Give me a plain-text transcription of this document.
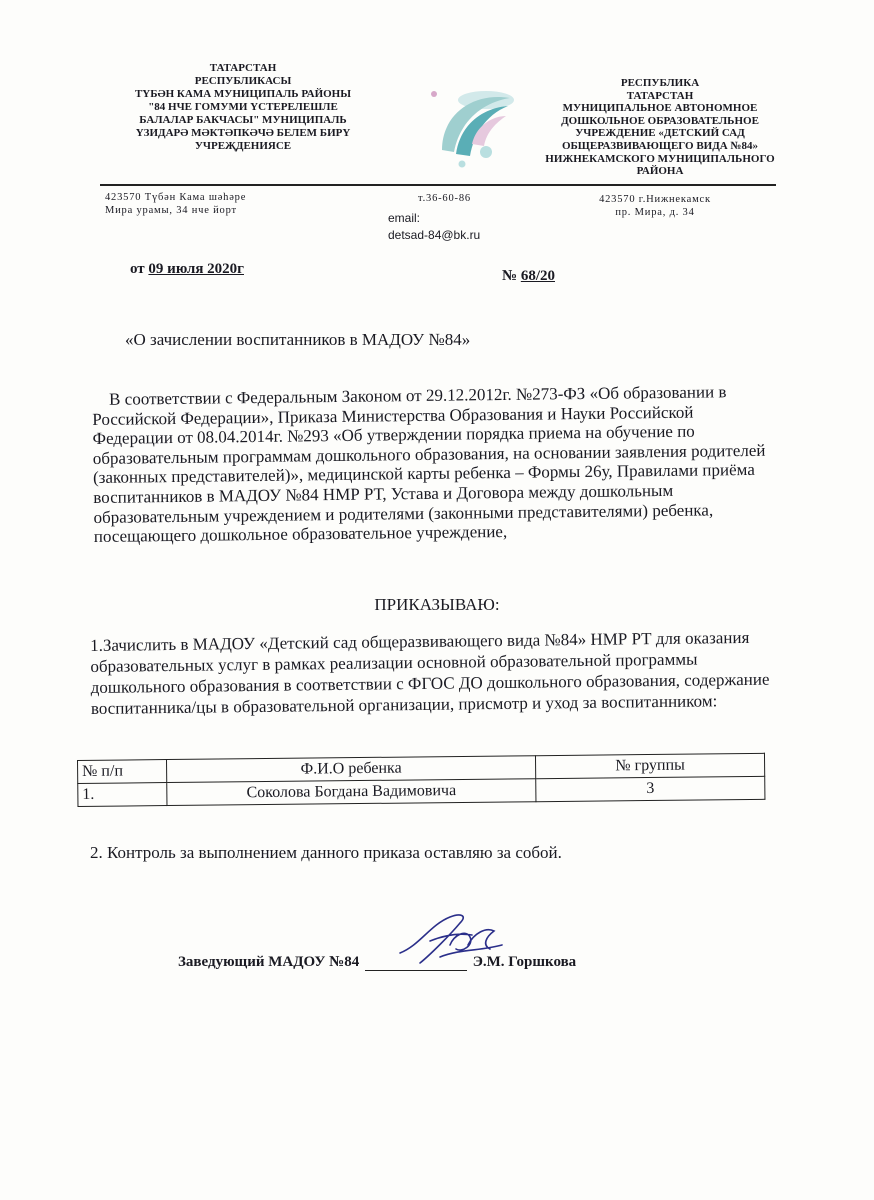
ТАТАРСТАН
РЕСПУБЛИКАСЫ
ТҮБӘН КАМА МУНИЦИПАЛЬ РАЙОНЫ
"84 НЧЕ ГОМУМИ ҮСТЕРЕЛЕШЛЕ
БАЛАЛАР БАКЧАСЫ" МУНИЦИПАЛЬ
ҮЗИДАРӘ МӘКТӘПКӘЧӘ БЕЛЕМ БИРҮ
УЧРЕҖДЕНИЯСЕ
РЕСПУБЛИКА
ТАТАРСТАН
МУНИЦИПАЛЬНОЕ АВТОНОМНОЕ
ДОШКОЛЬНОЕ ОБРАЗОВАТЕЛЬНОЕ
УЧРЕЖДЕНИЕ «ДЕТСКИЙ САД
ОБЩЕРАЗВИВАЮЩЕГО ВИДА №84»
НИЖНЕКАМСКОГО МУНИЦИПАЛЬНОГО
РАЙОНА
423570 Түбән Кама шәһәре
Мира урамы, 34 нче йорт
т.36-60-86
email:
detsad-84@bk.ru
423570 г.Нижнекамск
пр. Мира, д. 34
от 09 июля 2020г	№ 68/20
«О зачислении воспитанников в МАДОУ №84»
В соответствии с Федеральным Законом от 29.12.2012г. №273-ФЗ «Об образовании в Российской Федерации», Приказа Министерства Образования и Науки Российской Федерации от 08.04.2014г. №293 «Об утверждении порядка приема на обучение по образовательным программам дошкольного образования, на основании заявления родителей (законных представителей)», медицинской карты ребенка – Формы 26у, Правилами приёма воспитанников в МАДОУ №84 НМР РТ, Устава и Договора между дошкольным образовательным учреждением и родителями (законными представителями) ребенка, посещающего дошкольное образовательное учреждение,
ПРИКАЗЫВАЮ:
1.Зачислить в МАДОУ «Детский сад общеразвивающего вида №84» НМР РТ для оказания образовательных услуг в рамках реализации основной образовательной программы дошкольного образования в соответствии с ФГОС ДО дошкольного образования, содержание воспитанника/цы в образовательной организации, присмотр и уход за воспитанником:
№ п/п	Ф.И.О ребенка	№ группы
1.	Соколова Богдана Вадимовича	3
2. Контроль за выполнением данного приказа оставляю за собой.
Заведующий МАДОУ №84	Э.М. Горшкова
